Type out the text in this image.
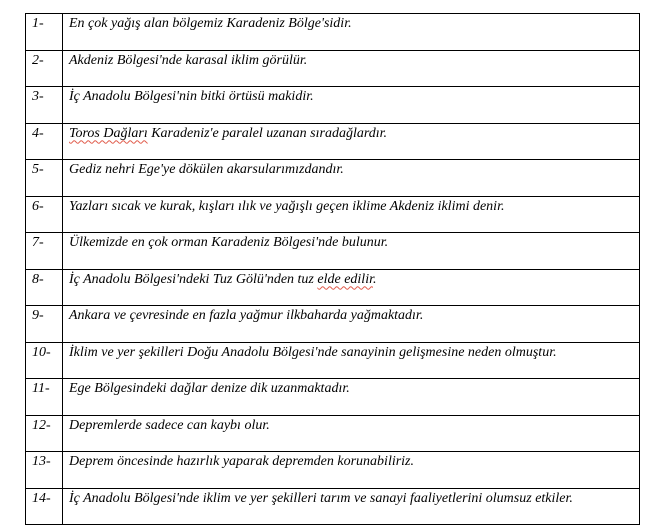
1-	En çok yağış alan bölgemiz Karadeniz Bölge'sidir.
2-	Akdeniz Bölgesi'nde karasal iklim görülür.
3-	İç Anadolu Bölgesi'nin bitki örtüsü makidir.
4-	Toros Dağları Karadeniz'e paralel uzanan sıradağlardır.
5-	Gediz nehri Ege'ye dökülen akarsularımızdandır.
6-	Yazları sıcak ve kurak, kışları ılık ve yağışlı geçen iklime Akdeniz iklimi denir.
7-	Ülkemizde en çok orman Karadeniz Bölgesi'nde bulunur.
8-	İç Anadolu Bölgesi'ndeki Tuz Gölü'nden tuz elde edilir.
9-	Ankara ve çevresinde en fazla yağmur ilkbaharda yağmaktadır.
10-	İklim ve yer şekilleri Doğu Anadolu Bölgesi'nde sanayinin gelişmesine neden olmuştur.
11-	Ege Bölgesindeki dağlar denize dik uzanmaktadır.
12-	Depremlerde sadece can kaybı olur.
13-	Deprem öncesinde hazırlık yaparak depremden korunabiliriz.
14-	İç Anadolu Bölgesi'nde iklim ve yer şekilleri tarım ve sanayi faaliyetlerini olumsuz etkiler.
